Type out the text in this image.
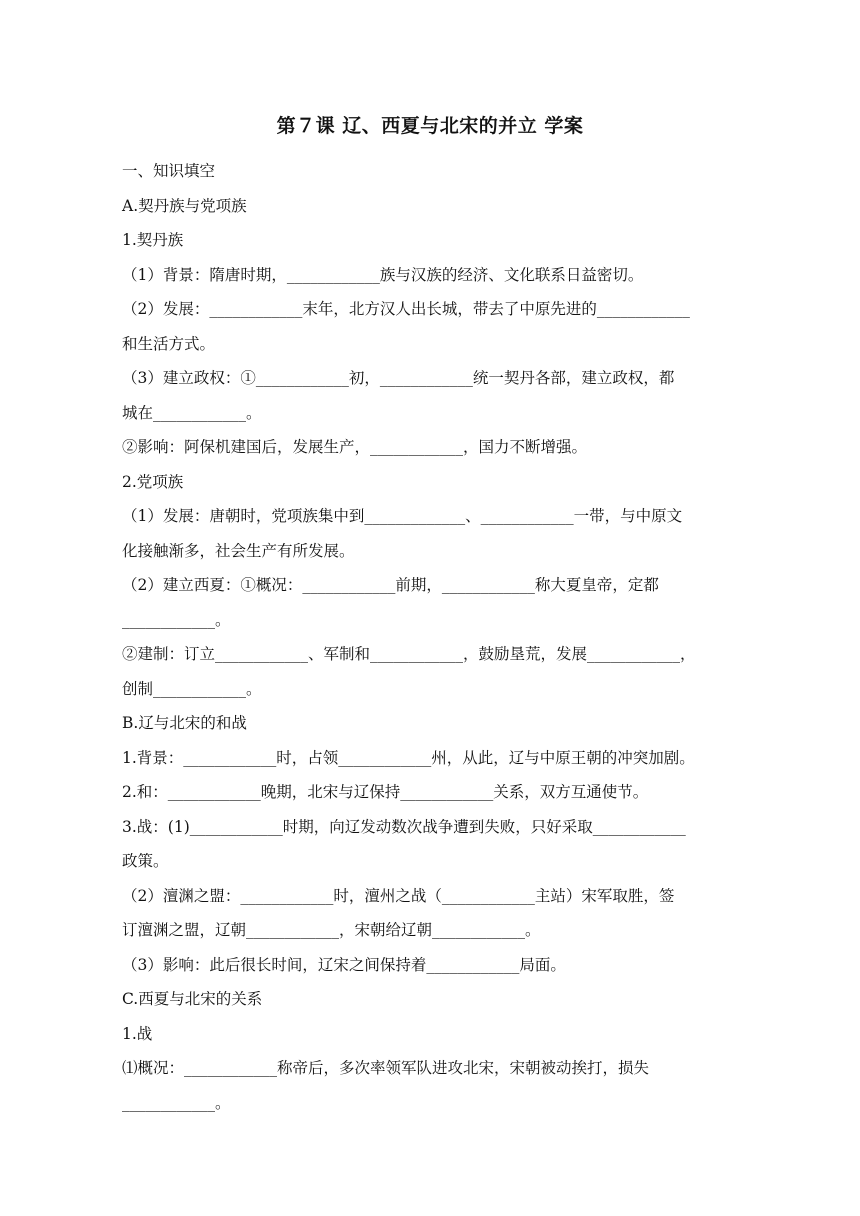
第７课 辽、西夏与北宋的并立 学案
一、知识填空
A.契丹族与党项族
1.契丹族
（1）背景：隋唐时期，____________族与汉族的经济、文化联系日益密切。
（2）发展：____________末年，北方汉人出长城，带去了中原先进的____________
和生活方式。
（3）建立政权：①____________初，____________统一契丹各部，建立政权，都
城在____________。
②影响：阿保机建国后，发展生产，____________，国力不断增强。
2.党项族
（1）发展：唐朝时，党项族集中到_____________、____________一带，与中原文
化接触渐多，社会生产有所发展。
（2）建立西夏：①概况：____________前期，____________称大夏皇帝，定都
____________。
②建制：订立____________、军制和____________，鼓励垦荒，发展____________，
创制____________。
B.辽与北宋的和战
1.背景：____________时，占领____________州，从此，辽与中原王朝的冲突加剧。
2.和：____________晚期，北宋与辽保持____________关系，双方互通使节。
3.战：(1)____________时期，向辽发动数次战争遭到失败，只好采取____________
政策。
（2）澶渊之盟：____________时，澶州之战（____________主站）宋军取胜，签
订澶渊之盟，辽朝____________，宋朝给辽朝____________。
（3）影响：此后很长时间，辽宋之间保持着____________局面。
C.西夏与北宋的关系
1.战
⑴概况：____________称帝后，多次率领军队进攻北宋，宋朝被动挨打，损失
____________。
